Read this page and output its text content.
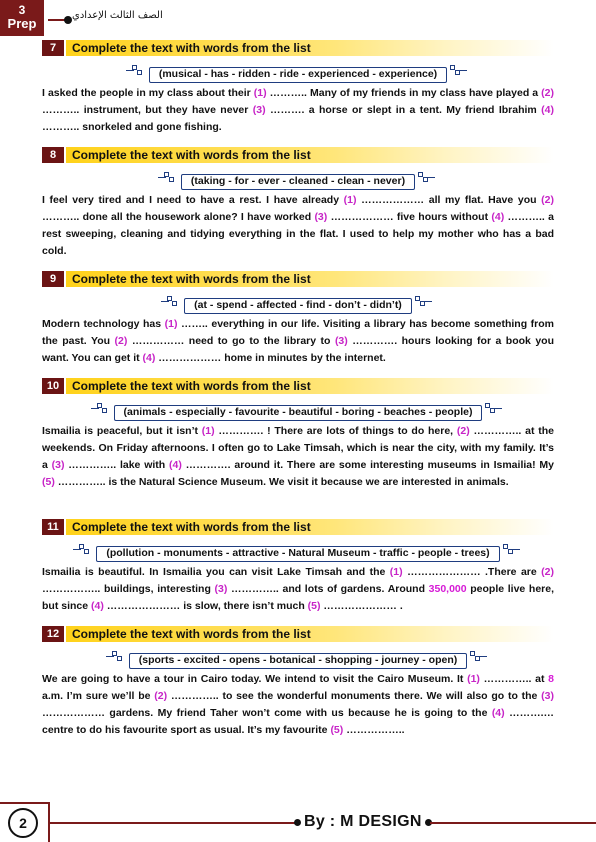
3
Prep
الصف الثالث الإعدادي
7	Complete the text with words from the list
(musical - has - ridden - ride - experienced - experience)
I asked the people in my class about their (1) ……….. Many of my friends in my class have played a (2) ……….. instrument, but they have never (3) ………. a horse or slept in a tent. My friend Ibrahim (4) ……….. snorkeled and gone fishing.
8	Complete the text with words from the list
(taking - for - ever - cleaned - clean - never)
I feel very tired and I need to have a rest. I have already (1) ……………… all my flat. Have you (2) ……….. done all the housework alone? I have worked (3) ……………… five hours without (4) ……….. a rest sweeping, cleaning and tidying everything in the flat. I used to help my mother who has a bad cold.
9	Complete the text with words from the list
(at - spend - affected - find - don’t - didn’t)
Modern technology has (1) …….. everything in our life. Visiting a library has become something from the past. You (2) …………… need to go to the library to (3) …………. hours looking for a book you want. You can get it (4) ……………… home in minutes by the internet.
10	Complete the text with words from the list
(animals - especially - favourite - beautiful - boring - beaches - people)
Ismailia is peaceful, but it isn’t (1) …………. ! There are lots of things to do here, (2) ………….. at the weekends. On Friday afternoons. I often go to Lake Timsah, which is near the city, with my family. It’s a (3) ………….. lake with (4) …………. around it. There are some interesting museums in Ismailia! My (5) ………….. is the Natural Science Museum. We visit it because we are interested in animals.
11	Complete the text with words from the list
(pollution - monuments - attractive - Natural Museum - traffic - people - trees)
Ismailia is beautiful. In Ismailia you can visit Lake Timsah and the (1) ………………… .There are (2) …………….. buildings, interesting (3) ………….. and lots of gardens. Around 350,000 people live here, but since (4) ………………… is slow, there isn’t much (5) ………………… .
12	Complete the text with words from the list
(sports - excited - opens - botanical - shopping - journey - open)
We are going to have a tour in Cairo today. We intend to visit the Cairo Museum. It (1) ………….. at 8 a.m. I’m sure we’ll be (2) ………….. to see the wonderful monuments there. We will also go to the (3) ……………… gardens. My friend Taher won’t come with us because he is going to the (4) ……….… centre to do his favourite sport as usual. It’s my favourite (5) ……………..
2	By : M DESIGN
